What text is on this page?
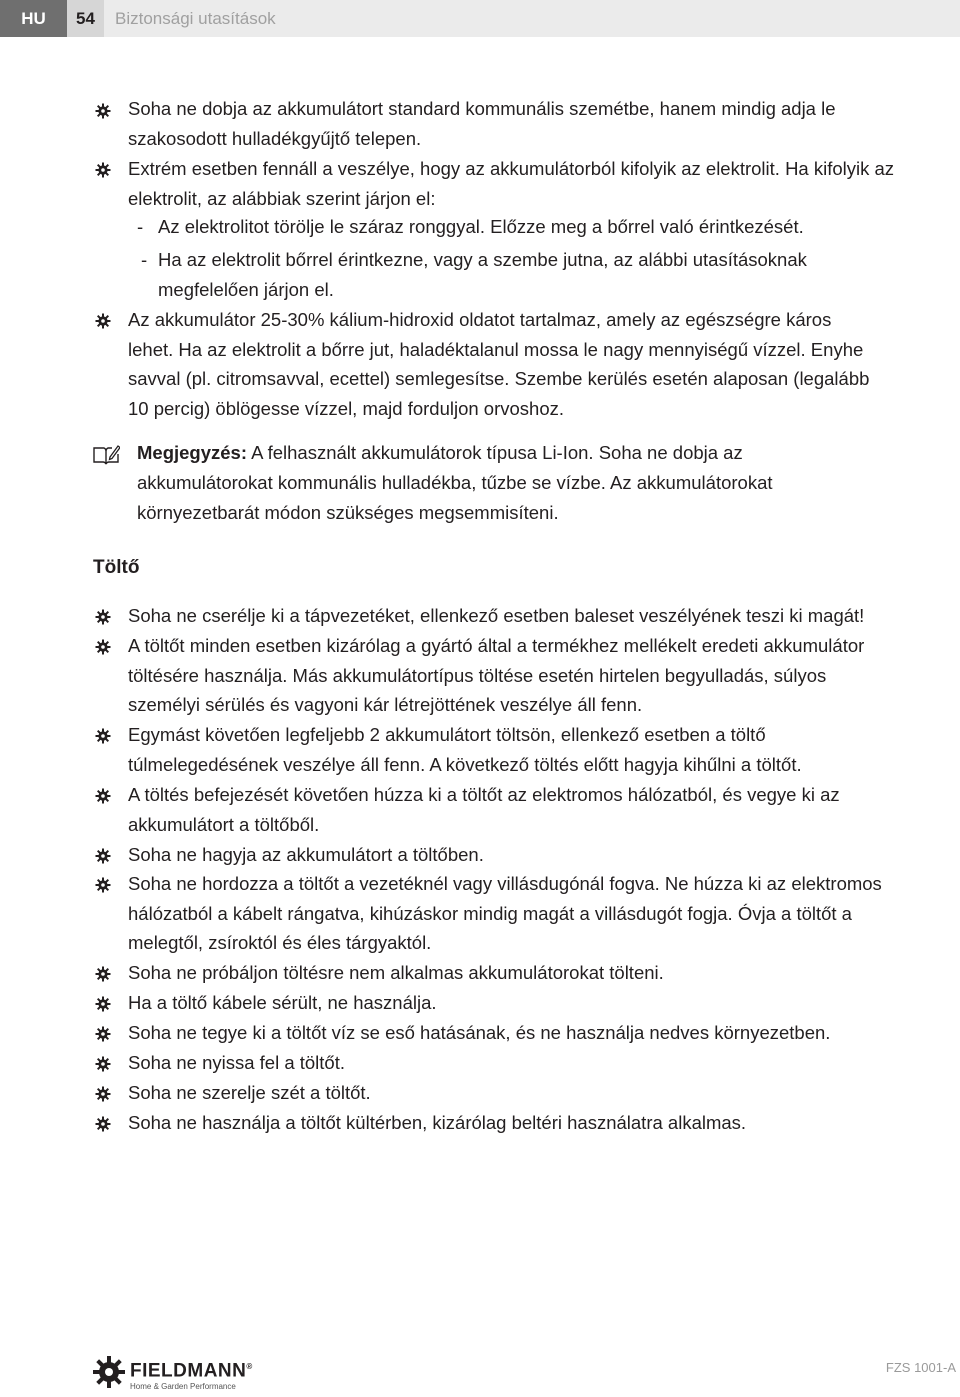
HU	54	Biztonsági utasítások
Soha ne dobja az akkumulátort standard kommunális szemétbe, hanem mindig adja le
szakosodott hulladékgyűjtő telepen.
Extrém esetben fennáll a veszélye, hogy az akkumulátorból kifolyik az elektrolit. Ha kifolyik az
elektrolit, az alábbiak szerint járjon el:
- Az elektrolitot törölje le száraz ronggyal. Előzze meg a bőrrel való érintkezését.
- Ha az elektrolit bőrrel érintkezne, vagy a szembe jutna, az alábbi utasításoknak
megfelelően járjon el.
Az akkumulátor 25-30% kálium-hidroxid oldatot tartalmaz, amely az egészségre káros
lehet. Ha az elektrolit a bőrre jut, haladéktalanul mossa le nagy mennyiségű vízzel. Enyhe
savval (pl. citromsavval, ecettel) semlegesítse. Szembe kerülés esetén alaposan (legalább
10 percig) öblögesse vízzel, majd forduljon orvoshoz.
Megjegyzés: A felhasznált akkumulátorok típusa Li-Ion. Soha ne dobja az
akkumulátorokat kommunális hulladékba, tűzbe se vízbe. Az akkumulátorokat
környezetbarát módon szükséges megsemmisíteni.
Töltő
Soha ne cserélje ki a tápvezetéket, ellenkező esetben baleset veszélyének teszi ki magát!
A töltőt minden esetben kizárólag a gyártó által a termékhez mellékelt eredeti akkumulátor
töltésére használja. Más akkumulátortípus töltése esetén hirtelen begyulladás, súlyos
személyi sérülés és vagyoni kár létrejöttének veszélye áll fenn.
Egymást követően legfeljebb 2 akkumulátort töltsön, ellenkező esetben a töltő
túlmelegedésének veszélye áll fenn. A következő töltés előtt hagyja kihűlni a töltőt.
A töltés befejezését követően húzza ki a töltőt az elektromos hálózatból, és vegye ki az
akkumulátort a töltőből.
Soha ne hagyja az akkumulátort a töltőben.
Soha ne hordozza a töltőt a vezetéknél vagy villásdugónál fogva. Ne húzza ki az elektromos
hálózatból a kábelt rángatva, kihúzáskor mindig magát a villásdugót fogja. Óvja a töltőt a
melegtől, zsíroktól és éles tárgyaktól.
Soha ne próbáljon töltésre nem alkalmas akkumulátorokat tölteni.
Ha a töltő kábele sérült, ne használja.
Soha ne tegye ki a töltőt víz se eső hatásának, és ne használja nedves környezetben.
Soha ne nyissa fel a töltőt.
Soha ne szerelje szét a töltőt.
Soha ne használja a töltőt kültérben, kizárólag beltéri használatra alkalmas.
FIELDMANN®
Home & Garden Performance
FZS 1001-A
